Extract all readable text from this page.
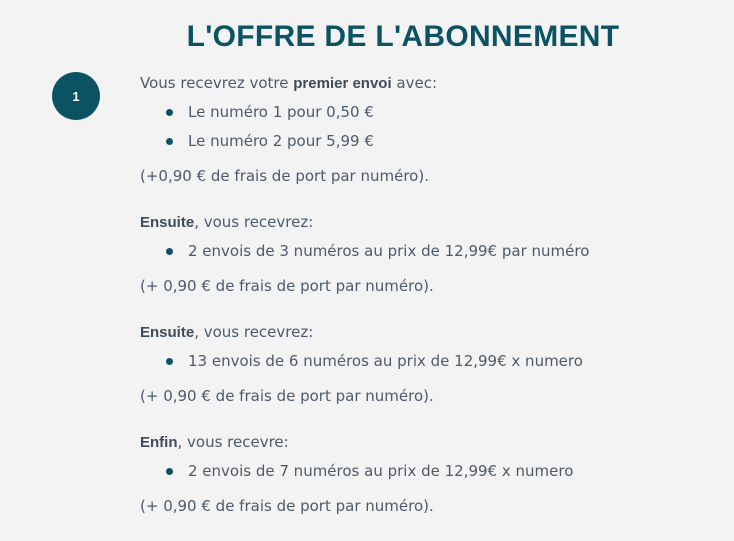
L'OFFRE DE L'ABONNEMENT
1

Vous recevrez votre premier envoi avec:

Le numéro 1 pour 0,50 €
Le numéro 2 pour 5,99 €

(+0,90 € de frais de port par numéro).

Ensuite, vous recevrez:

2 envois de 3 numéros au prix de 12,99€ par numéro

(+ 0,90 € de frais de port par numéro).

Ensuite, vous recevrez:

13 envois de 6 numéros au prix de 12,99€ x numero

(+ 0,90 € de frais de port par numéro).

Enfin, vous recevre:

2 envois de 7 numéros au prix de 12,99€ x numero

(+ 0,90 € de frais de port par numéro).
